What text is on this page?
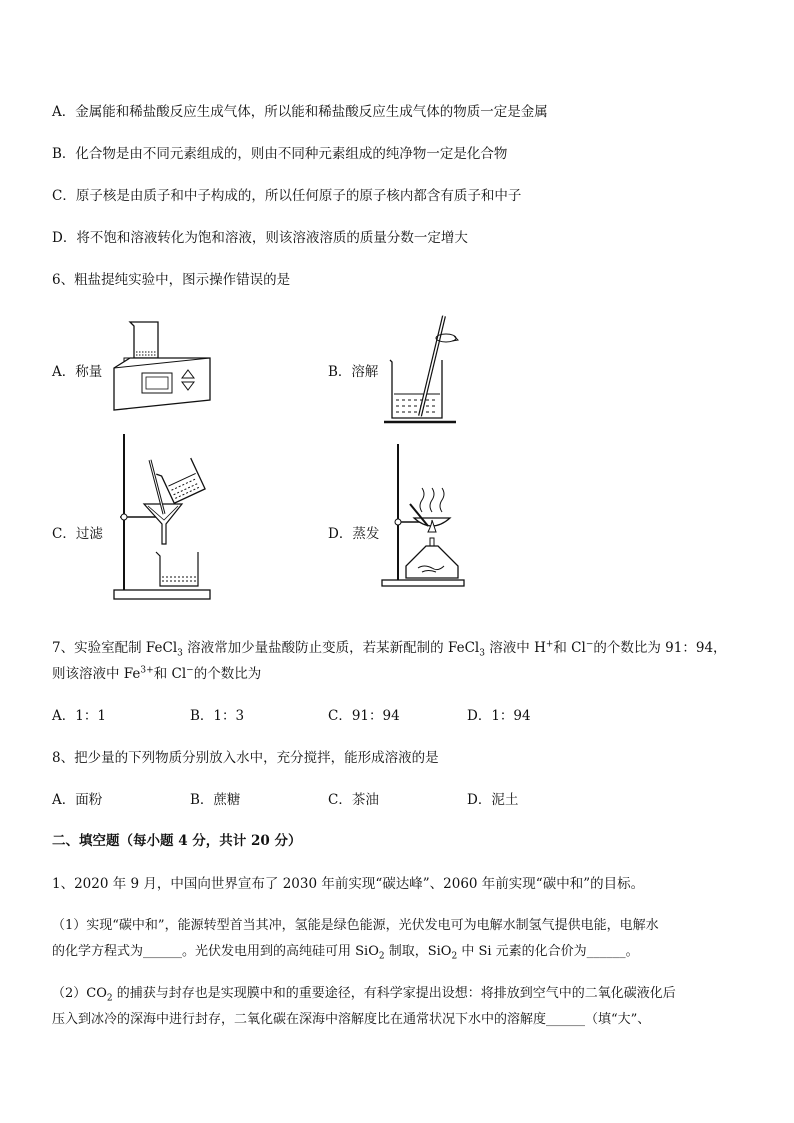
A．金属能和稀盐酸反应生成气体，所以能和稀盐酸反应生成气体的物质一定是金属
B．化合物是由不同元素组成的，则由不同种元素组成的纯净物一定是化合物
C．原子核是由质子和中子构成的，所以任何原子的原子核内都含有质子和中子
D．将不饱和溶液转化为饱和溶液，则该溶液溶质的质量分数一定增大
6、粗盐提纯实验中，图示操作错误的是
A．称量	B．溶解
C．过滤	D．蒸发
7、实验室配制 FeCl$_3$ 溶液常加少量盐酸防止变质，若某新配制的 FeCl$_3$ 溶液中 H+和 Cl−的个数比为 91：94，
则该溶液中 $Fe^{3+}$和 Cl−的个数比为
A．1：1	B．1：3	C．91：94	D．1：94
8、把少量的下列物质分别放入水中，充分搅拌，能形成溶液的是
A．面粉	B．蔗糖	C．茶油	D．泥土
二、填空题（每小题 4 分，共计 20 分）
1、2020 年 9 月，中国向世界宣布了 2030 年前实现“碳达峰”、2060 年前实现“碳中和”的目标。
（1）实现“碳中和”，能源转型首当其冲，氢能是绿色能源，光伏发电可为电解水制氢气提供电能，电解水
的化学方程式为______。光伏发电用到的高纯硅可用 SiO$_2$ 制取，SiO$_2$ 中 Si 元素的化合价为______。
$(2)CO_2$ 的捕获与封存也是实现膜中和的重要途径，有科学家提出设想：将排放到空气中的二氧化碳液化后
压入到冰冷的深海中进行封存，二氧化碳在深海中溶解度比在通常状况下水中的溶解度______（填“大”、
